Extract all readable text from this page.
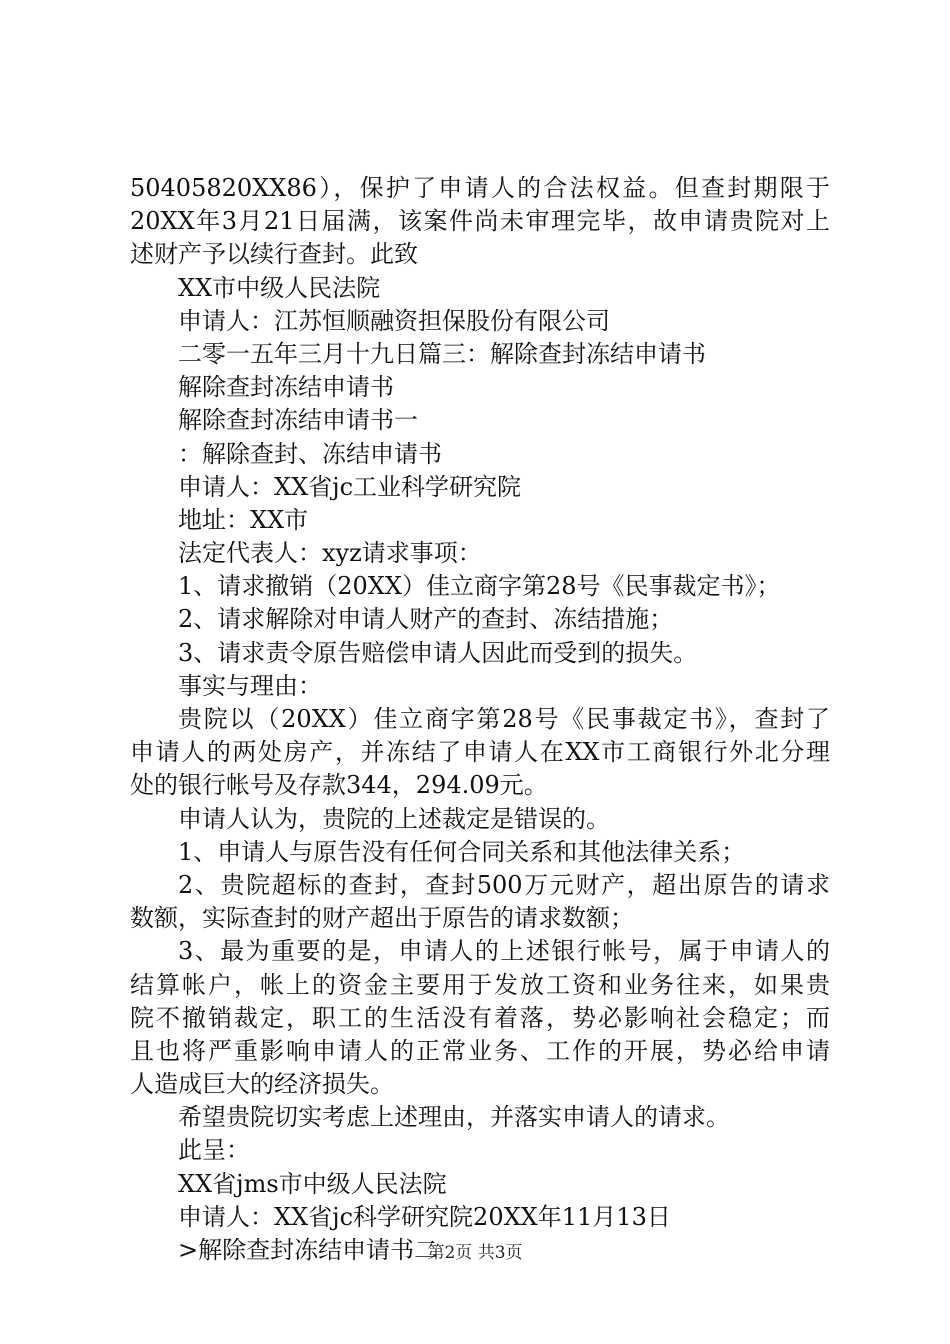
50405820XX86），保护了申请人的合法权益。但查封期限于
20XX年3月21日届满，该案件尚未审理完毕，故申请贵院对上
述财产予以续行查封。此致
XX市中级人民法院
申请人：江苏恒顺融资担保股份有限公司
二零一五年三月十九日篇三：解除查封冻结申请书
解除查封冻结申请书
解除查封冻结申请书一
：解除查封、冻结申请书
申请人：XX省jc工业科学研究院
地址：XX市
法定代表人：xyz请求事项：
1、请求撤销（20XX）佳立商字第28号《民事裁定书》；
2、请求解除对申请人财产的查封、冻结措施；
3、请求责令原告赔偿申请人因此而受到的损失。
事实与理由：
贵院以（20XX）佳立商字第28号《民事裁定书》，查封了
申请人的两处房产，并冻结了申请人在XX市工商银行外北分理
处的银行帐号及存款344，294.09元。
申请人认为，贵院的上述裁定是错误的。
1、申请人与原告没有任何合同关系和其他法律关系；
2、贵院超标的查封，查封500万元财产，超出原告的请求
数额，实际查封的财产超出于原告的请求数额；
3、最为重要的是，申请人的上述银行帐号，属于申请人的
结算帐户，帐上的资金主要用于发放工资和业务往来，如果贵
院不撤销裁定，职工的生活没有着落，势必影响社会稳定；而
且也将严重影响申请人的正常业务、工作的开展，势必给申请
人造成巨大的经济损失。
希望贵院切实考虑上述理由，并落实申请人的请求。
此呈：
XX省jms市中级人民法院
申请人：XX省jc科学研究院20XX年11月13日
>解除查封冻结申请书二
第2页 共3页
